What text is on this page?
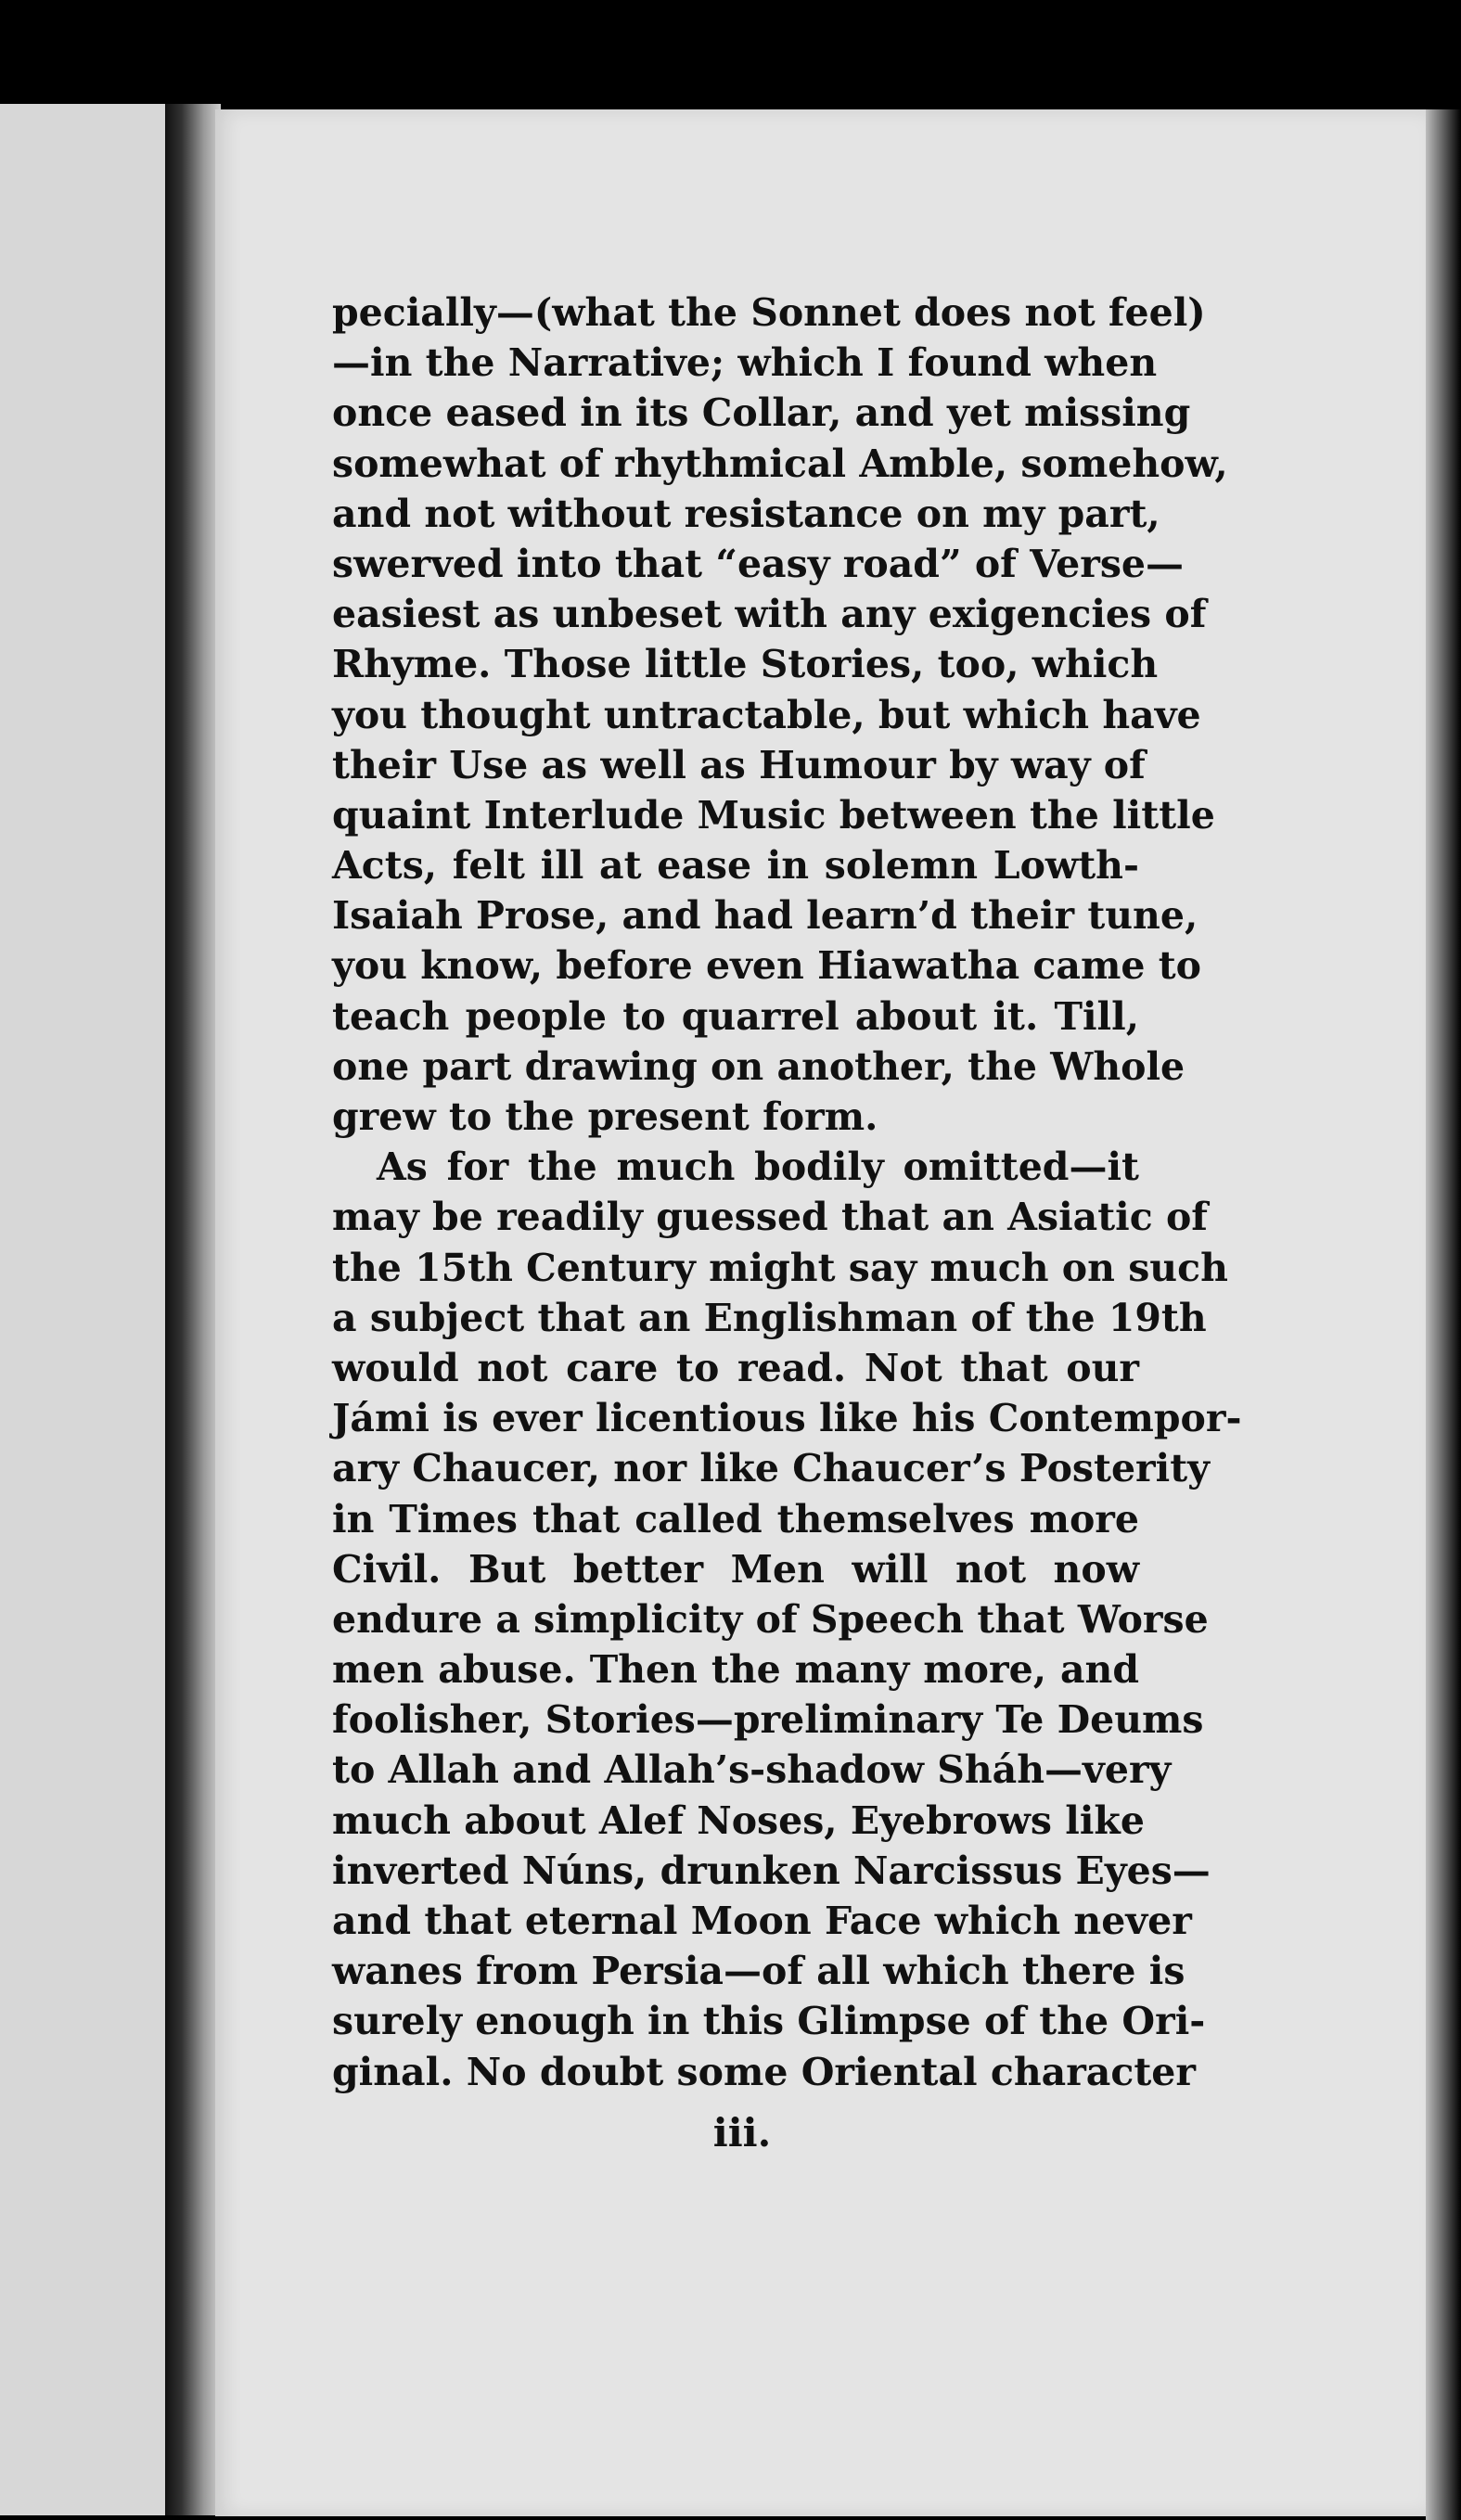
pecially—(what the Sonnet does not feel)
—in the Narrative; which I found when
once eased in its Collar, and yet missing
somewhat of rhythmical Amble, somehow,
and not without resistance on my part,
swerved into that “easy road” of Verse—
easiest as unbeset with any exigencies of
Rhyme. Those little Stories, too, which
you thought untractable, but which have
their Use as well as Humour by way of
quaint Interlude Music between the little
Acts, felt ill at ease in solemn Lowth-
Isaiah Prose, and had learn’d their tune,
you know, before even Hiawatha came to
teach people to quarrel about it. Till,
one part drawing on another, the Whole
grew to the present form.
As for the much bodily omitted—it
may be readily guessed that an Asiatic of
the 15th Century might say much on such
a subject that an Englishman of the 19th
would not care to read. Not that our
Jámi is ever licentious like his Contempor-
ary Chaucer, nor like Chaucer’s Posterity
in Times that called themselves more
Civil. But better Men will not now
endure a simplicity of Speech that Worse
men abuse. Then the many more, and
foolisher, Stories—preliminary Te Deums
to Allah and Allah’s-shadow Sháh—very
much about Alef Noses, Eyebrows like
inverted Núns, drunken Narcissus Eyes—
and that eternal Moon Face which never
wanes from Persia—of all which there is
surely enough in this Glimpse of the Ori-
ginal. No doubt some Oriental character
iii.
